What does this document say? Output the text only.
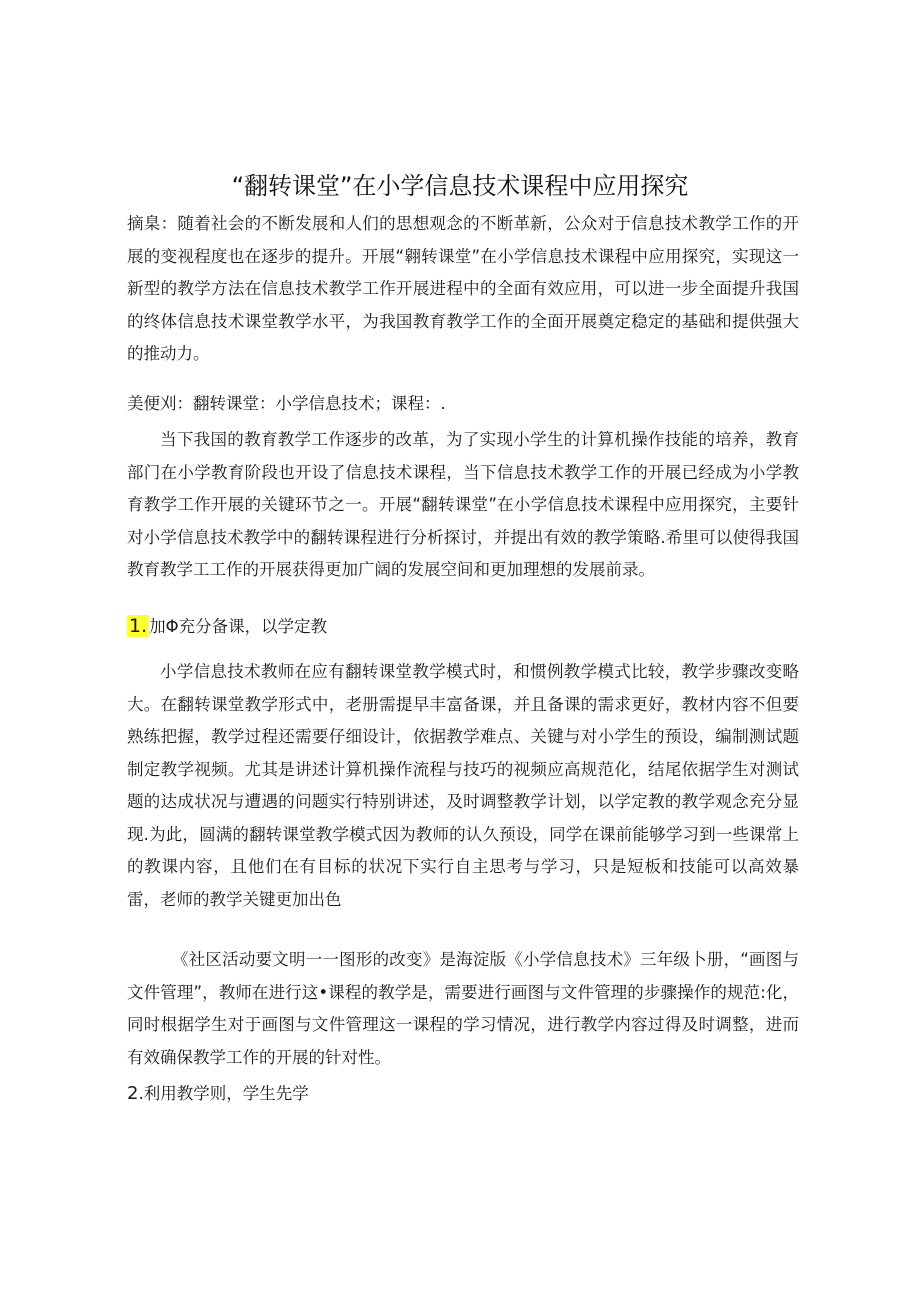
“翻转课堂”在小学信息技术课程中应用探究

摘臬：随着社会的不断发展和人们的思想观念的不断革新，公众对于信息技术教学工作的开展的变视程度也在逐步的提升。开展“翱转课堂”在小学信息技术课程中应用探究，实现这一新型的教学方法在信息技术教学工作开展进程中的全面有效应用，可以进一步全面提升我国的终体信息技术课堂教学水平，为我国教育教学工作的全面开展奠定稳定的基础和提供强大的推动力。

美便刈：翻转课堂：小学信息技术；课程：.

当下我国的教育教学工作逐步的改革，为了实现小学生的计算机操作技能的培养，教育部门在小学教育阶段也开设了信息技术课程，当下信息技术教学工作的开展已经成为小学教育教学工作开展的关键环节之一。开展“翻转课堂”在小学信息技术课程中应用探究，主要针对小学信息技术教学中的翻转课程进行分析探讨，并提出有效的教学策略.希里可以使得我国教育教学工工作的开展获得更加广阔的发展空间和更加理想的发展前录。

1. 加Φ充分备课，以学定教

小学信息技术教师在应有翻转课堂教学模式时，和惯例教学模式比较，教学步骤改变略大。在翻转课堂教学形式中，老册需提早丰富备课，并且备课的需求更好，教材内容不但要熟练把握，教学过程还需要仔细设计，依据教学难点、关键与对小学生的预设，编制测试题制定教学视频。尤其是讲述计算机操作流程与技巧的视频应高规范化，结尾依据学生对测试题的达成状况与遭遇的问题实行特别讲述，及时调整教学计划，以学定教的教学观念充分显现.为此，圆满的翻转课堂教学模式因为教师的认久预设，同学在课前能够学习到一些课常上的教课内容，且他们在有目标的状况下实行自主思考与学习，只是短板和技能可以高效暴雷，老师的教学关键更加出色

《社区活动要文明一一图形的改变》是海淀版《小学信息技术》三年级卜册，“画图与文件管理”，教师在进行这•课程的教学是，需要进行画图与文件管理的步骤操作的规范:化，同时根据学生对于画图与文件管理这一课程的学习情况，进行教学内容过得及时调整，进而有效确保教学工作的开展的针对性。

2.利用教学则，学生先学
